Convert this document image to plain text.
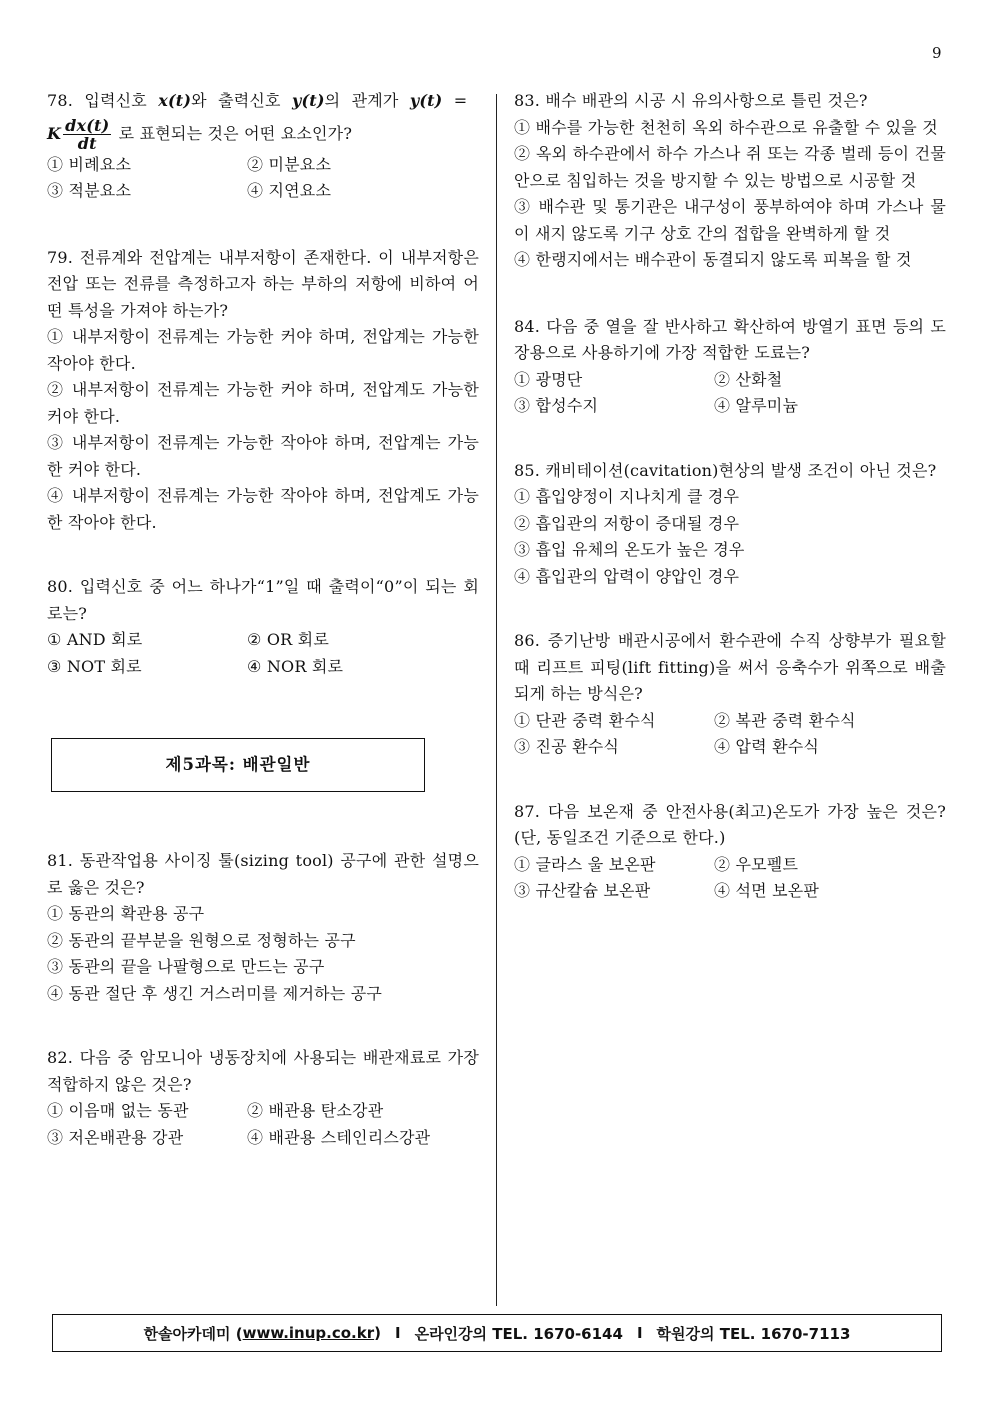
9

78. 입력신호 x(t)와 출력신호 y(t)의 관계가 y(t) =

K $\frac{dx(t)}{dt}$ 로 표현되는 것은 어떤 요소인가?

① 비례요소	② 미분요소
③ 적분요소	④ 지연요소

79. 전류계와 전압계는 내부저항이 존재한다. 이 내부저항은 전압 또는 전류를 측정하고자 하는 부하의 저항에 비하여 어떤 특성을 가져야 하는가?

① 내부저항이 전류계는 가능한 커야 하며, 전압계는 가능한 작아야 한다.
② 내부저항이 전류계는 가능한 커야 하며, 전압계도 가능한 커야 한다.
③ 내부저항이 전류계는 가능한 작아야 하며, 전압계는 가능한 커야 한다.
④ 내부저항이 전류계는 가능한 작아야 하며, 전압계도 가능한 작아야 한다.

80. 입력신호 중 어느 하나가“1”일 때 출력이“0”이 되는 회로는?

① AND 회로	② OR 회로
③ NOT 회로	④ NOR 회로
제5과목: 배관일반

81. 동관작업용 사이징 툴(sizing tool) 공구에 관한 설명으로 옳은 것은?

① 동관의 확관용 공구
② 동관의 끝부분을 원형으로 정형하는 공구
③ 동관의 끝을 나팔형으로 만드는 공구
④ 동관 절단 후 생긴 거스러미를 제거하는 공구

82. 다음 중 암모니아 냉동장치에 사용되는 배관재료로 가장 적합하지 않은 것은?

① 이음매 없는 동관	② 배관용 탄소강관
③ 저온배관용 강관	④ 배관용 스테인리스강관

83. 배수 배관의 시공 시 유의사항으로 틀린 것은?

① 배수를 가능한 천천히 옥외 하수관으로 유출할 수 있을 것
② 옥외 하수관에서 하수 가스나 쥐 또는 각종 벌레 등이 건물 안으로 침입하는 것을 방지할 수 있는 방법으로 시공할 것
③ 배수관 및 통기관은 내구성이 풍부하여야 하며 가스나 물이 새지 않도록 기구 상호 간의 접합을 완벽하게 할 것
④ 한랭지에서는 배수관이 동결되지 않도록 피복을 할 것

84. 다음 중 열을 잘 반사하고 확산하여 방열기 표면 등의 도장용으로 사용하기에 가장 적합한 도료는?

① 광명단	② 산화철
③ 합성수지	④ 알루미늄

85. 캐비테이션(cavitation)현상의 발생 조건이 아닌 것은?

① 흡입양정이 지나치게 클 경우
② 흡입관의 저항이 증대될 경우
③ 흡입 유체의 온도가 높은 경우
④ 흡입관의 압력이 양압인 경우

86. 증기난방 배관시공에서 환수관에 수직 상향부가 필요할 때 리프트 피팅(lift fitting)을 써서 응축수가 위쪽으로 배출되게 하는 방식은?

① 단관 중력 환수식	② 복관 중력 환수식
③ 진공 환수식	④ 압력 환수식

87. 다음 보온재 중 안전사용(최고)온도가 가장 높은 것은? (단, 동일조건 기준으로 한다.)

① 글라스 울 보온판	② 우모펠트
③ 규산칼슘 보온판	④ 석면 보온판
한솔아카데미 ( www.inup.co.kr ) I 온라인강의 TEL. 1670-6144 I 학원강의 TEL. 1670-7113
